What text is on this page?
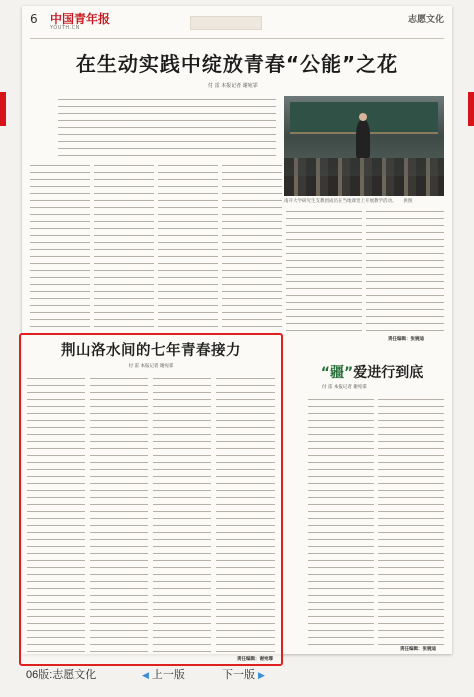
6 中国青年报
YOUTH.CN
志愿文化
在生动实践中绽放青春“公能”之花
付 雷 本报记者 谢宛霏
南开大学研究生支教团成员在当地课堂上开展教学活动。　　供图
责任编辑：张婉迪
“疆”爱进行到底
付 雷 本报记者 谢宛霏
责任编辑：张婉迪
荆山洛水间的七年青春接力
付 雷 本报记者 谢宛霏
责任编辑：谢宛霏
06版:志愿文化	◀ 上一版	下一版 ▶
